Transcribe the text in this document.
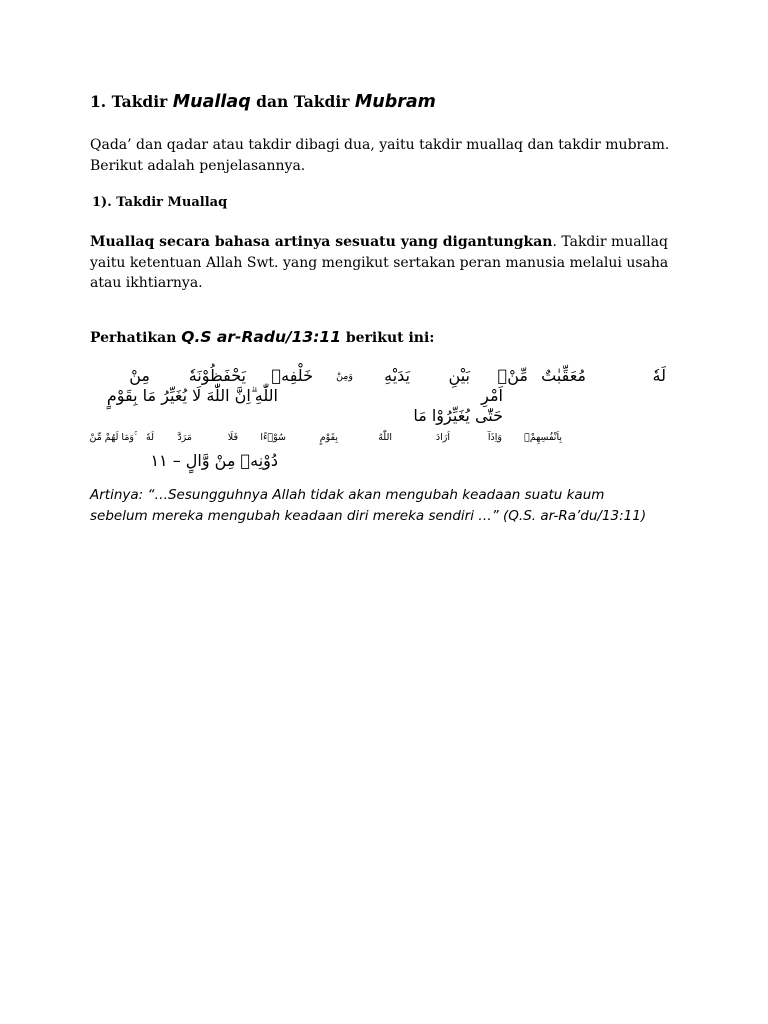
1. Takdir Muallaq dan Takdir Mubram
Qada’ dan qadar atau takdir dibagi dua, yaitu takdir muallaq dan takdir mubram.
Berikut adalah penjelasannya.
1). Takdir Muallaq
Muallaq secara bahasa artinya sesuatu yang digantungkan. Takdir muallaq
yaitu ketentuan Allah Swt. yang mengikut sertakan peran manusia melalui usaha
atau ikhtiarnya.
Perhatikan Q.S ar-Radu/13:11 berikut ini:
لَهٗ
مُعَقِّبٰتٌ
مِّنْۢ
بَيْنِ
يَدَيْهِ
وَمِنْ
خَلْفِهٖ
يَحْفَظُوْنَهٗ
مِنْ
اَمْرِ
اللّٰهِ ۗاِنَّ اللّٰهَ لَا يُغَيِّرُ مَا بِقَوْمٍ
حَتّٰى يُغَيِّرُوْا مَا
بِاَنْفُسِهِمْۗ
وَاِذَآ
اَرَادَ
اللّٰهُ
بِقَوْمٍ
سُوْۤءًا
فَلَا
مَرَدَّ
لَهٗ
ۚوَمَا لَهُمْ مِّنْ
دُوْنِهٖ مِنْ وَّالٍ – ١١
Artinya: “…Sesungguhnya Allah tidak akan mengubah keadaan suatu kaum
sebelum mereka mengubah keadaan diri mereka sendiri …” (Q.S. ar-Ra’du/13:11)
